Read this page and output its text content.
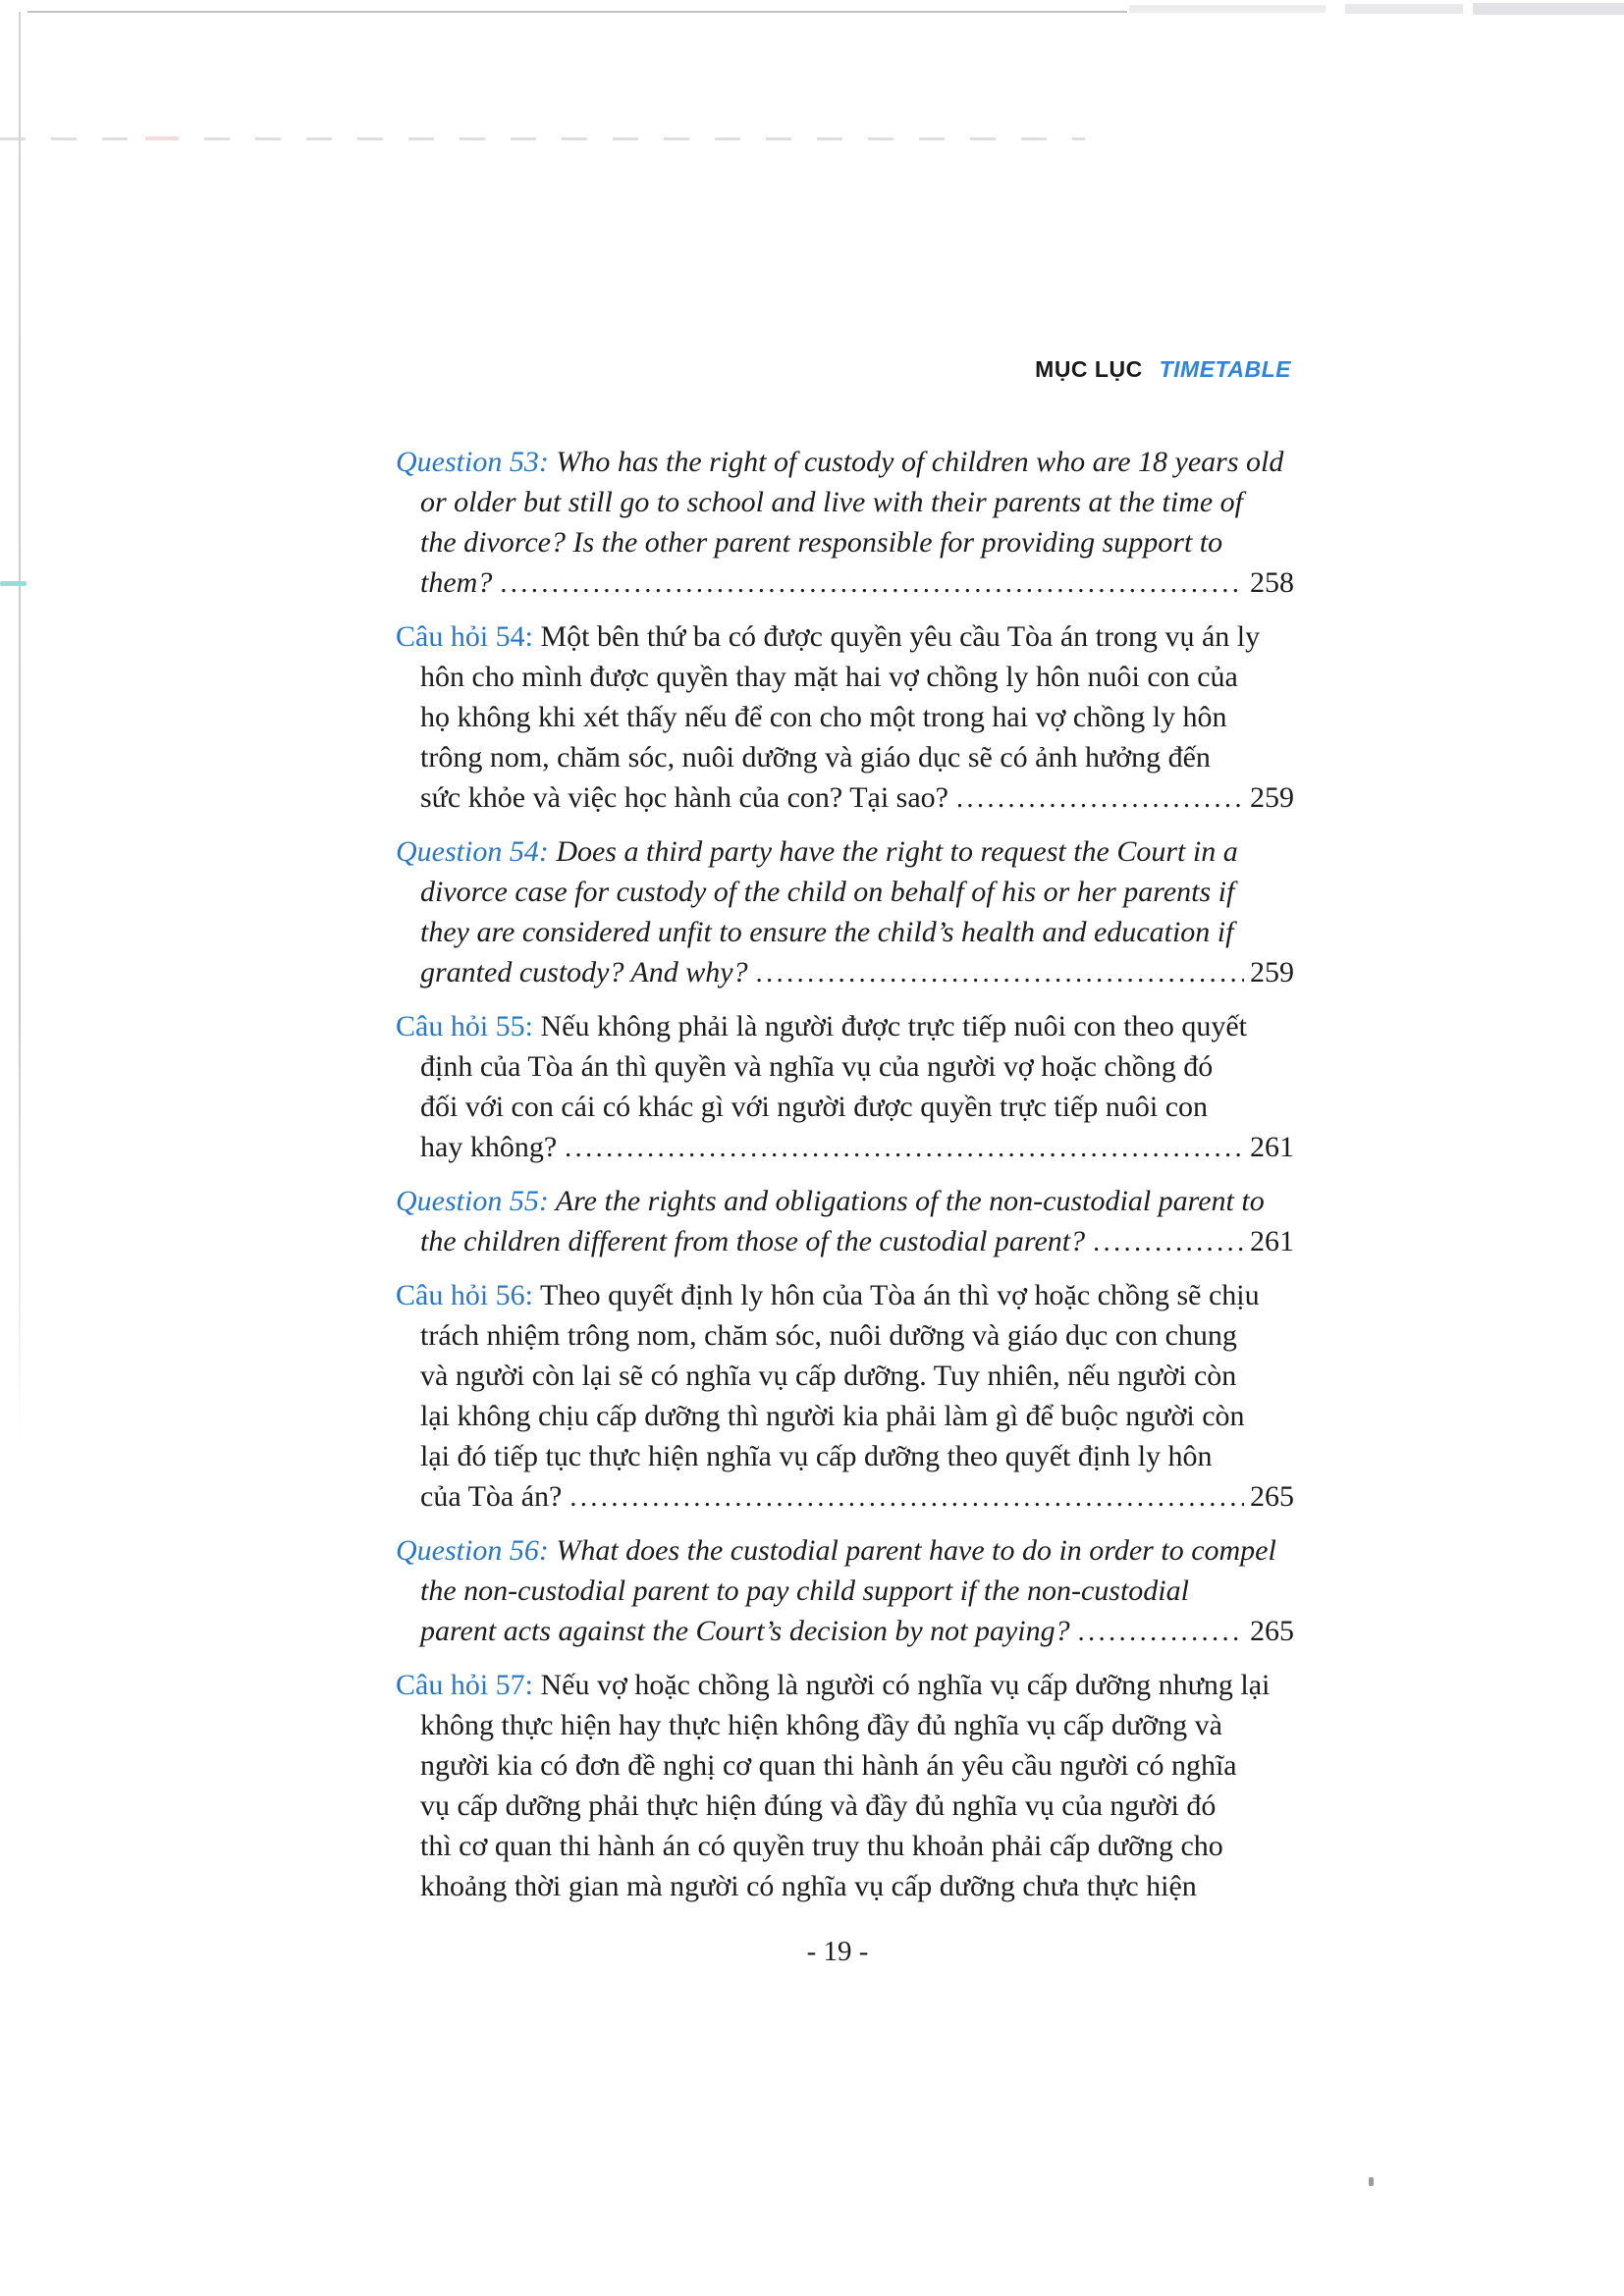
MỤC LỤC TIMETABLE
Question 53: Who has the right of custody of children who are 18 years old
or older but still go to school and live with their parents at the time of
the divorce? Is the other parent responsible for providing support to
them? .....	258
Câu hỏi 54: Một bên thứ ba có được quyền yêu cầu Tòa án trong vụ án ly
hôn cho mình được quyền thay mặt hai vợ chồng ly hôn nuôi con của
họ không khi xét thấy nếu để con cho một trong hai vợ chồng ly hôn
trông nom, chăm sóc, nuôi dưỡng và giáo dục sẽ có ảnh hưởng đến
sức khỏe và việc học hành của con? Tại sao? .....	259
Question 54: Does a third party have the right to request the Court in a
divorce case for custody of the child on behalf of his or her parents if
they are considered unfit to ensure the child’s health and education if
granted custody? And why? .....	259
Câu hỏi 55: Nếu không phải là người được trực tiếp nuôi con theo quyết
định của Tòa án thì quyền và nghĩa vụ của người vợ hoặc chồng đó
đối với con cái có khác gì với người được quyền trực tiếp nuôi con
hay không? .....	261
Question 55: Are the rights and obligations of the non-custodial parent to
the children different from those of the custodial parent? .....	261
Câu hỏi 56: Theo quyết định ly hôn của Tòa án thì vợ hoặc chồng sẽ chịu
trách nhiệm trông nom, chăm sóc, nuôi dưỡng và giáo dục con chung
và người còn lại sẽ có nghĩa vụ cấp dưỡng. Tuy nhiên, nếu người còn
lại không chịu cấp dưỡng thì người kia phải làm gì để buộc người còn
lại đó tiếp tục thực hiện nghĩa vụ cấp dưỡng theo quyết định ly hôn
của Tòa án? .....	265
Question 56: What does the custodial parent have to do in order to compel
the non-custodial parent to pay child support if the non-custodial
parent acts against the Court’s decision by not paying? .....	265
Câu hỏi 57: Nếu vợ hoặc chồng là người có nghĩa vụ cấp dưỡng nhưng lại
không thực hiện hay thực hiện không đầy đủ nghĩa vụ cấp dưỡng và
người kia có đơn đề nghị cơ quan thi hành án yêu cầu người có nghĩa
vụ cấp dưỡng phải thực hiện đúng và đầy đủ nghĩa vụ của người đó
thì cơ quan thi hành án có quyền truy thu khoản phải cấp dưỡng cho
khoảng thời gian mà người có nghĩa vụ cấp dưỡng chưa thực hiện
- 19 -
